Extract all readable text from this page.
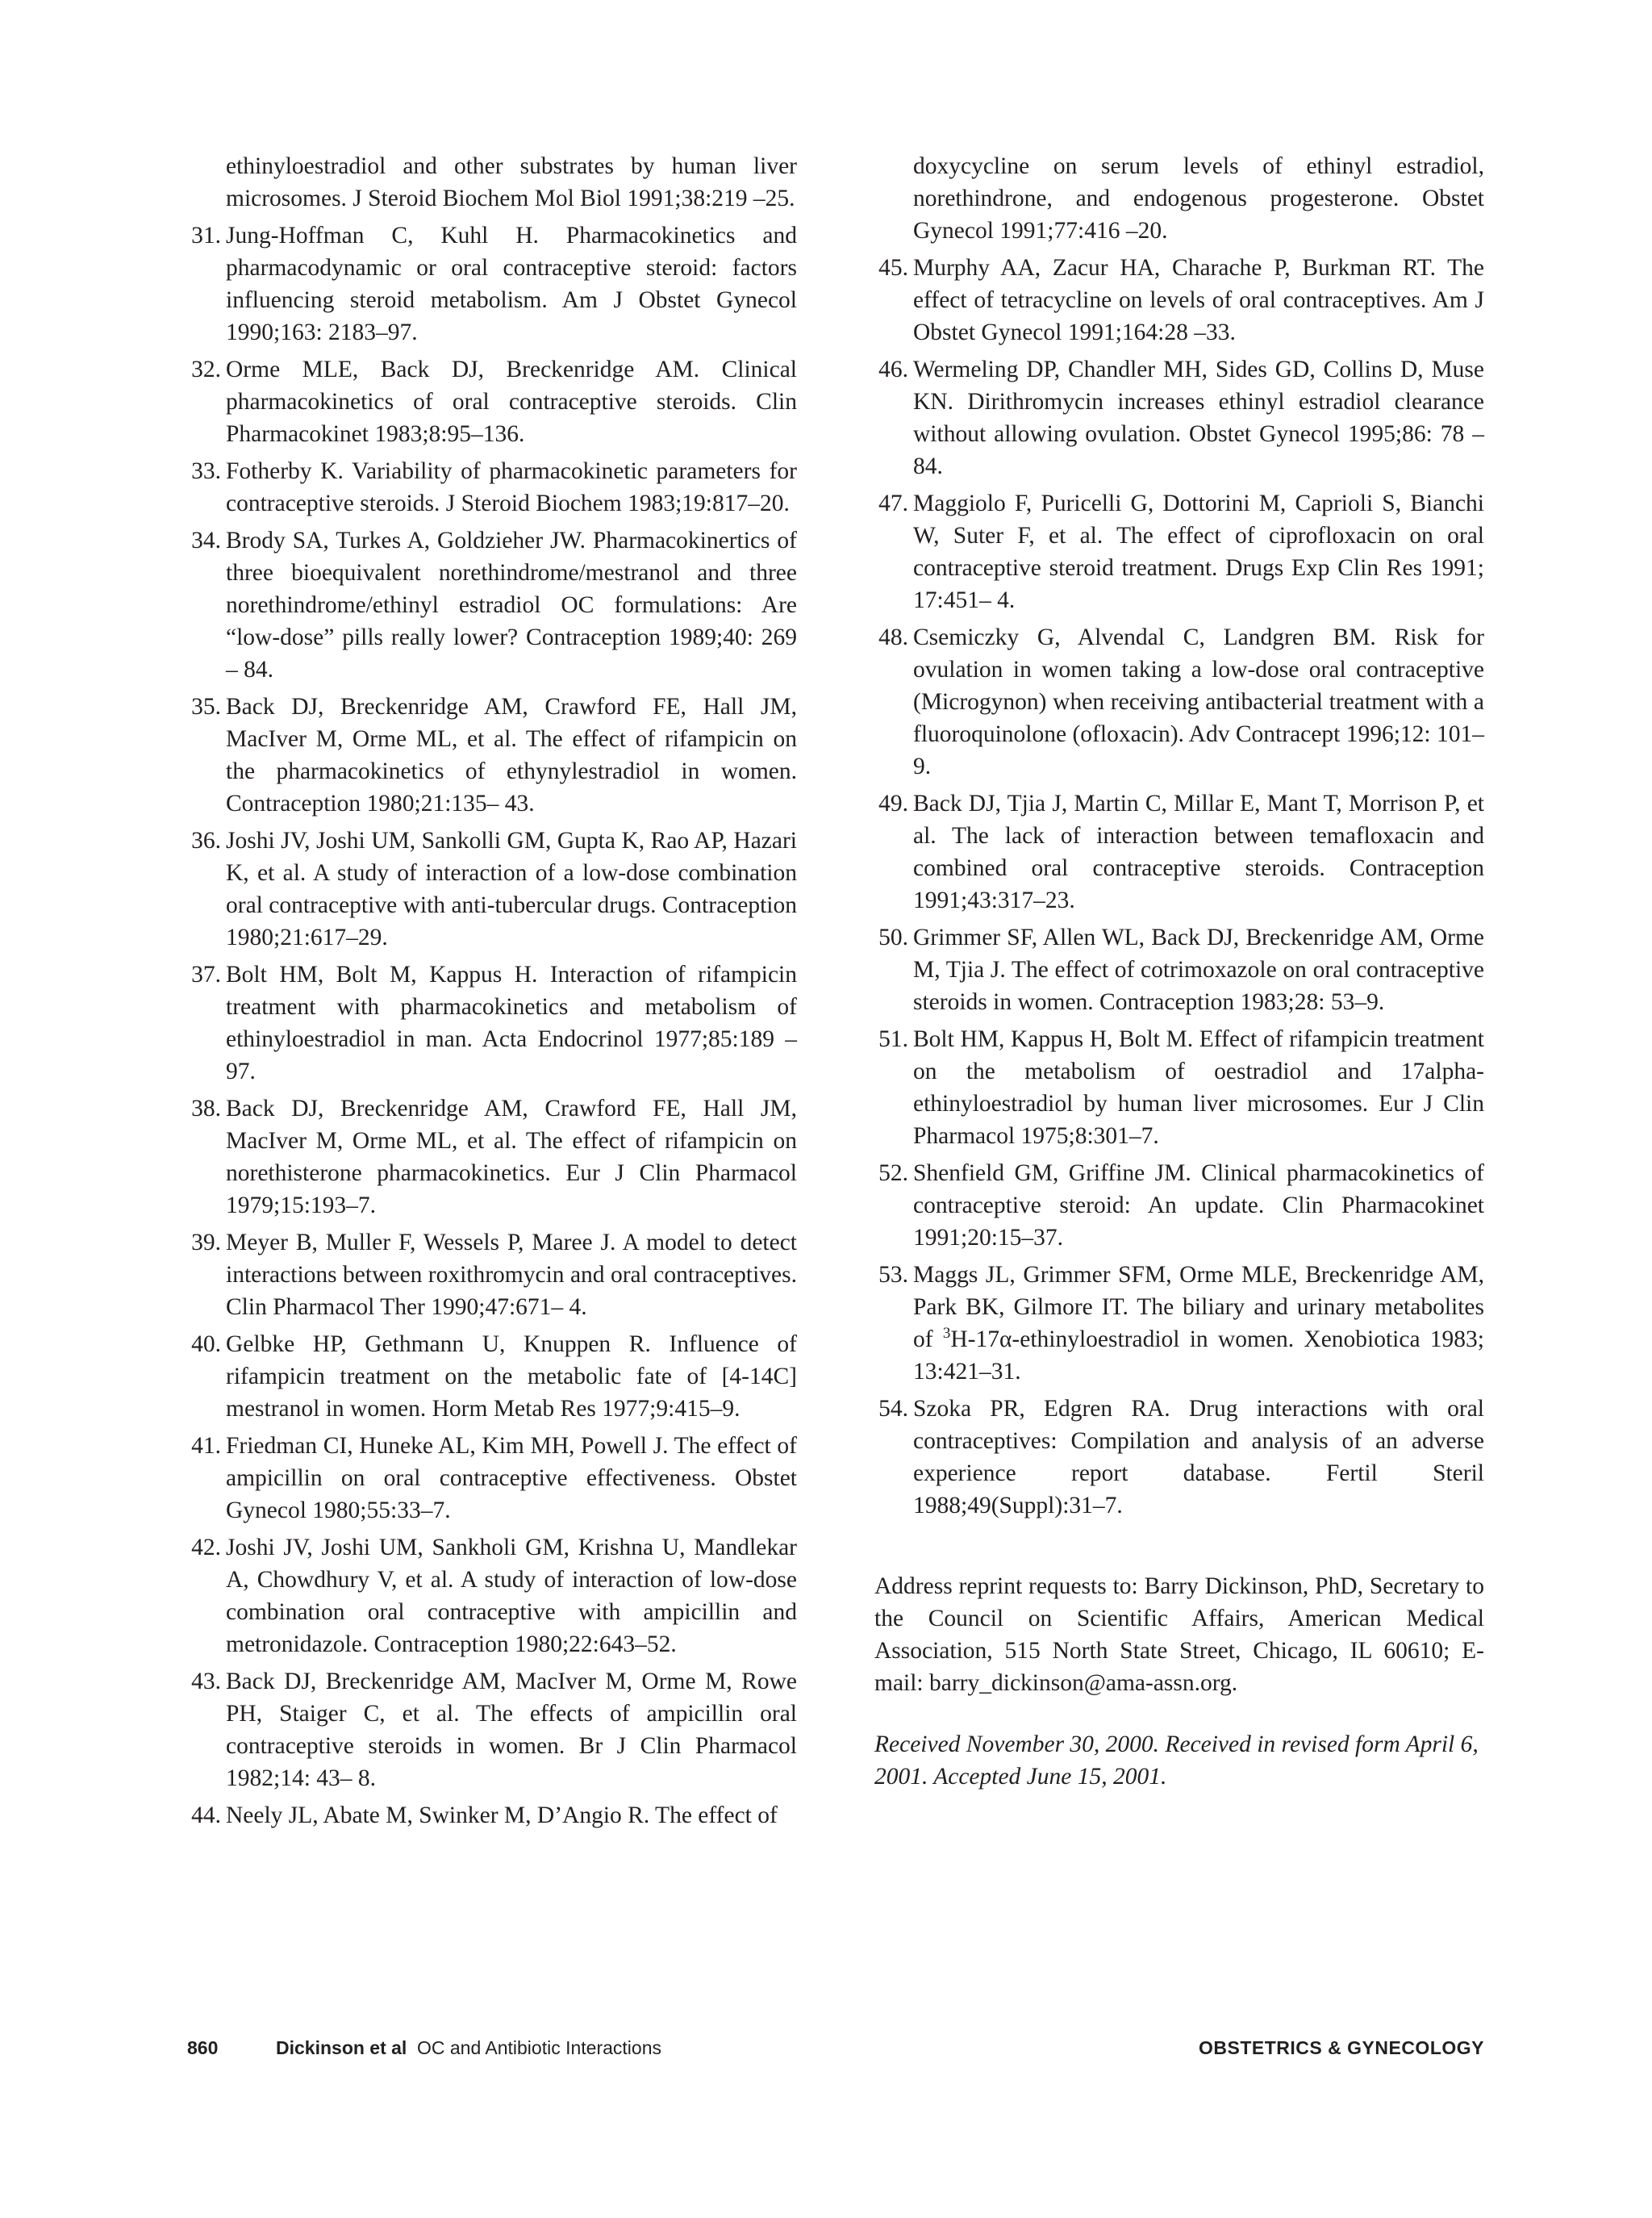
ethinyloestradiol and other substrates by human liver microsomes. J Steroid Biochem Mol Biol 1991;38:219 –25.

31. Jung-Hoffman C, Kuhl H. Pharmacokinetics and pharmacodynamic or oral contraceptive steroid: factors influencing steroid metabolism. Am J Obstet Gynecol 1990;163: 2183–97.

32. Orme MLE, Back DJ, Breckenridge AM. Clinical pharmacokinetics of oral contraceptive steroids. Clin Pharmacokinet 1983;8:95–136.

33. Fotherby K. Variability of pharmacokinetic parameters for contraceptive steroids. J Steroid Biochem 1983;19:817–20.

34. Brody SA, Turkes A, Goldzieher JW. Pharmacokinertics of three bioequivalent norethindrome/mestranol and three norethindrome/ethinyl estradiol OC formulations: Are “low-dose” pills really lower? Contraception 1989;40: 269 – 84.

35. Back DJ, Breckenridge AM, Crawford FE, Hall JM, MacIver M, Orme ML, et al. The effect of rifampicin on the pharmacokinetics of ethynylestradiol in women. Contraception 1980;21:135– 43.

36. Joshi JV, Joshi UM, Sankolli GM, Gupta K, Rao AP, Hazari K, et al. A study of interaction of a low-dose combination oral contraceptive with anti-tubercular drugs. Contraception 1980;21:617–29.

37. Bolt HM, Bolt M, Kappus H. Interaction of rifampicin treatment with pharmacokinetics and metabolism of ethinyloestradiol in man. Acta Endocrinol 1977;85:189 –97.

38. Back DJ, Breckenridge AM, Crawford FE, Hall JM, MacIver M, Orme ML, et al. The effect of rifampicin on norethisterone pharmacokinetics. Eur J Clin Pharmacol 1979;15:193–7.

39. Meyer B, Muller F, Wessels P, Maree J. A model to detect interactions between roxithromycin and oral contraceptives. Clin Pharmacol Ther 1990;47:671– 4.

40. Gelbke HP, Gethmann U, Knuppen R. Influence of rifampicin treatment on the metabolic fate of [4-14C] mestranol in women. Horm Metab Res 1977;9:415–9.

41. Friedman CI, Huneke AL, Kim MH, Powell J. The effect of ampicillin on oral contraceptive effectiveness. Obstet Gynecol 1980;55:33–7.

42. Joshi JV, Joshi UM, Sankholi GM, Krishna U, Mandlekar A, Chowdhury V, et al. A study of interaction of low-dose combination oral contraceptive with ampicillin and metronidazole. Contraception 1980;22:643–52.

43. Back DJ, Breckenridge AM, MacIver M, Orme M, Rowe PH, Staiger C, et al. The effects of ampicillin oral contraceptive steroids in women. Br J Clin Pharmacol 1982;14: 43– 8.

44. Neely JL, Abate M, Swinker M, D’Angio R. The effect of

doxycycline on serum levels of ethinyl estradiol, norethindrone, and endogenous progesterone. Obstet Gynecol 1991;77:416 –20.

45. Murphy AA, Zacur HA, Charache P, Burkman RT. The effect of tetracycline on levels of oral contraceptives. Am J Obstet Gynecol 1991;164:28 –33.

46. Wermeling DP, Chandler MH, Sides GD, Collins D, Muse KN. Dirithromycin increases ethinyl estradiol clearance without allowing ovulation. Obstet Gynecol 1995;86: 78 – 84.

47. Maggiolo F, Puricelli G, Dottorini M, Caprioli S, Bianchi W, Suter F, et al. The effect of ciprofloxacin on oral contraceptive steroid treatment. Drugs Exp Clin Res 1991; 17:451– 4.

48. Csemiczky G, Alvendal C, Landgren BM. Risk for ovulation in women taking a low-dose oral contraceptive (Microgynon) when receiving antibacterial treatment with a fluoroquinolone (ofloxacin). Adv Contracept 1996;12: 101–9.

49. Back DJ, Tjia J, Martin C, Millar E, Mant T, Morrison P, et al. The lack of interaction between temafloxacin and combined oral contraceptive steroids. Contraception 1991;43:317–23.

50. Grimmer SF, Allen WL, Back DJ, Breckenridge AM, Orme M, Tjia J. The effect of cotrimoxazole on oral contraceptive steroids in women. Contraception 1983;28: 53–9.

51. Bolt HM, Kappus H, Bolt M. Effect of rifampicin treatment on the metabolism of oestradiol and 17alpha-ethinyloestradiol by human liver microsomes. Eur J Clin Pharmacol 1975;8:301–7.

52. Shenfield GM, Griffine JM. Clinical pharmacokinetics of contraceptive steroid: An update. Clin Pharmacokinet 1991;20:15–37.

53. Maggs JL, Grimmer SFM, Orme MLE, Breckenridge AM, Park BK, Gilmore IT. The biliary and urinary metabolites of $^3$H-17α-ethinyloestradiol in women. Xenobiotica 1983; 13:421–31.

54. Szoka PR, Edgren RA. Drug interactions with oral contraceptives: Compilation and analysis of an adverse experience report database. Fertil Steril 1988;49(Suppl):31–7.

Address reprint requests to: Barry Dickinson, PhD, Secretary to the Council on Scientific Affairs, American Medical Association, 515 North State Street, Chicago, IL 60610; E-mail: barry_dickinson@ama-assn.org.

Received November 30, 2000. Received in revised form April 6, 2001. Accepted June 15, 2001.

860	Dickinson et al OC and Antibiotic Interactions	OBSTETRICS & GYNECOLOGY
